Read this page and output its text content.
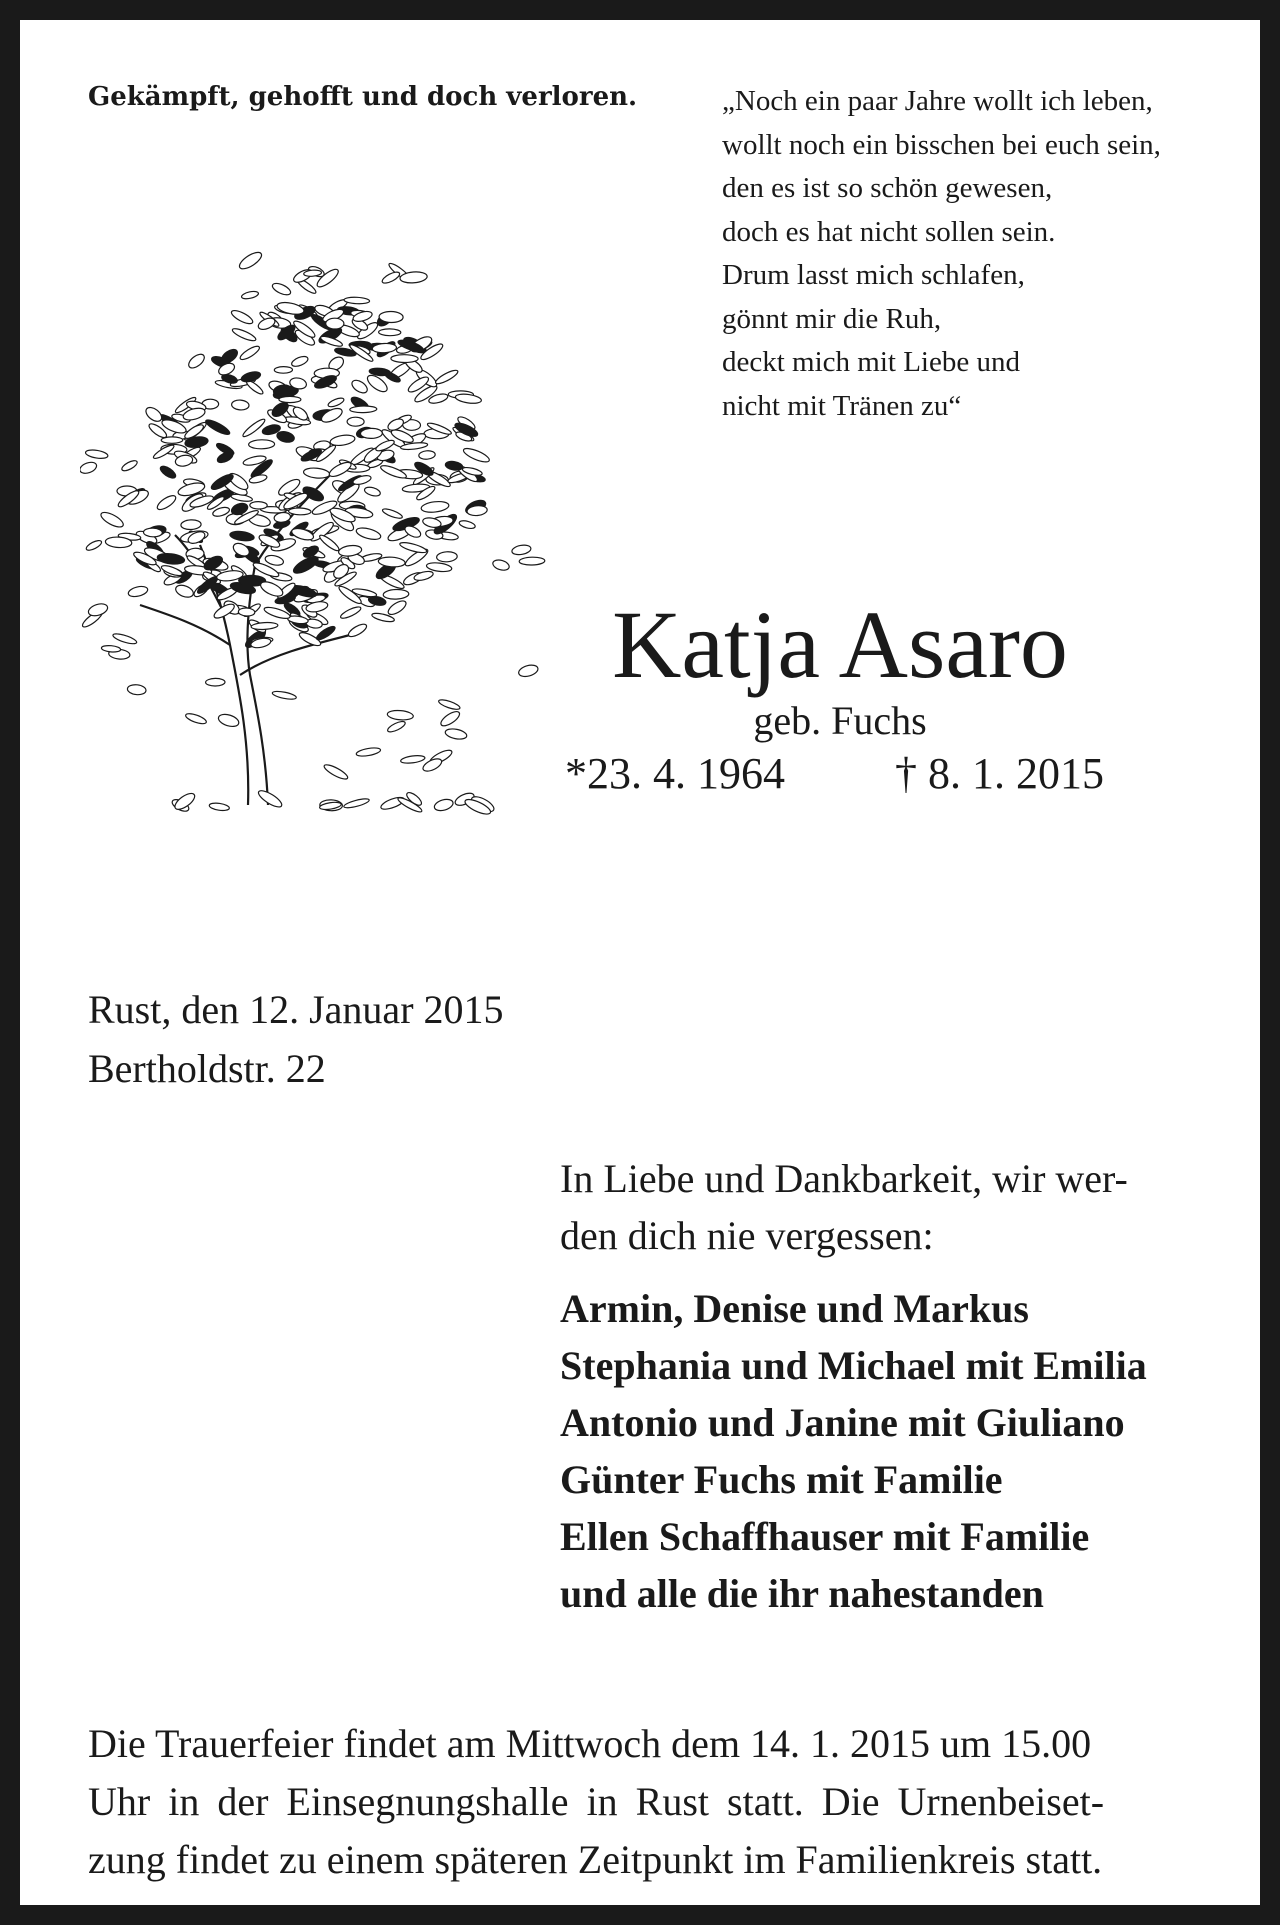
Gekämpft, gehofft und doch verloren.	„Noch ein paar Jahre wollt ich leben,
wollt noch ein bisschen bei euch sein,
den es ist so schön gewesen,
doch es hat nicht sollen sein.
Drum lasst mich schlafen,
gönnt mir die Ruh,
deckt mich mit Liebe und
nicht mit Tränen zu“
Katja Asaro
geb. Fuchs
*23. 4. 1964	† 8. 1. 2015
Rust, den 12. Januar 2015
Bertholdstr. 22
In Liebe und Dankbarkeit, wir wer-
den dich nie vergessen:
Armin, Denise und Markus
Stephania und Michael mit Emilia
Antonio und Janine mit Giuliano
Günter Fuchs mit Familie
Ellen Schaffhauser mit Familie
und alle die ihr nahestanden
Die Trauerfeier findet am Mittwoch dem 14. 1. 2015 um 15.00
Uhr in der Einsegnungshalle in Rust statt. Die Urnenbeiset-
zung findet zu einem späteren Zeitpunkt im Familienkreis statt.
